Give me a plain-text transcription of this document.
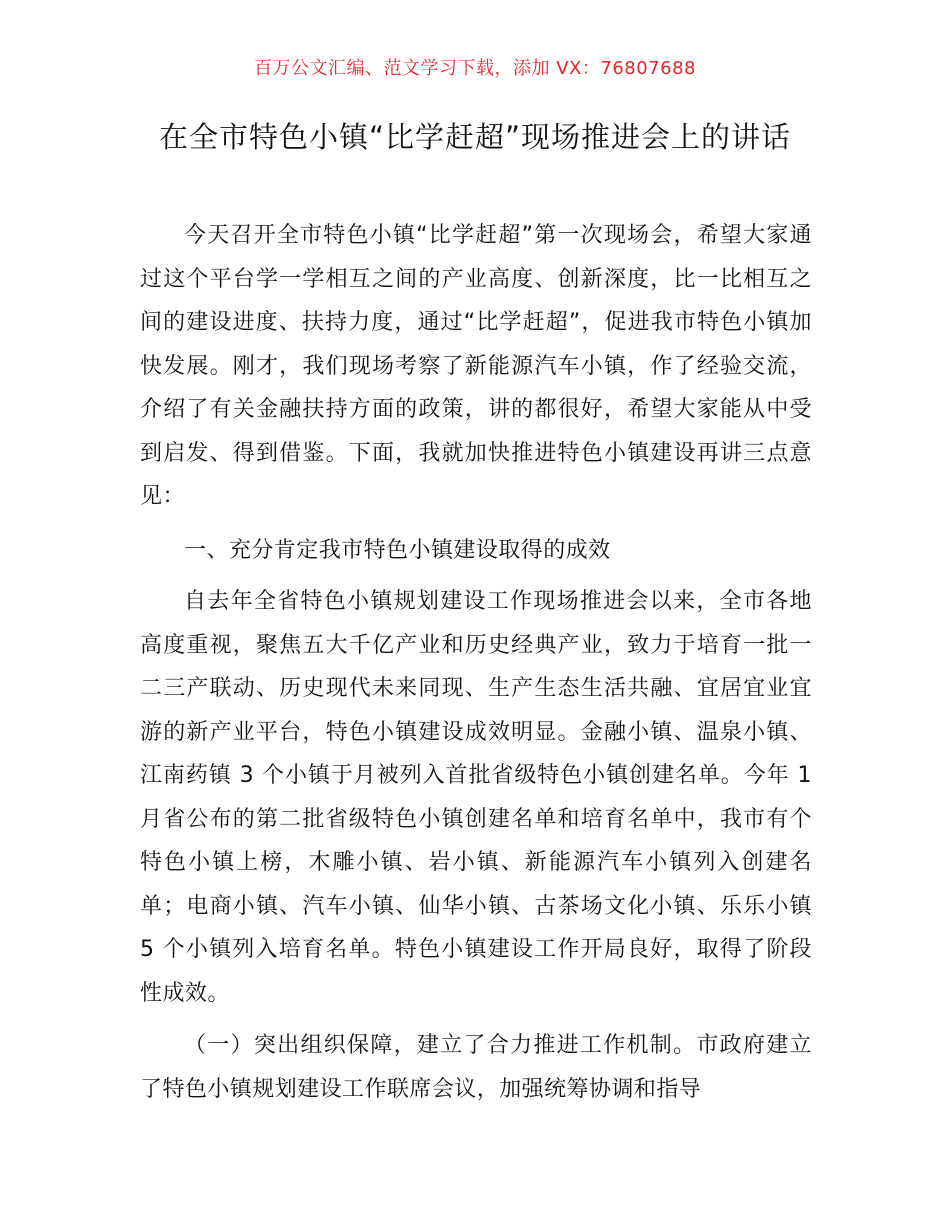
百万公文汇编、范文学习下载，添加 VX：76807688
在全市特色小镇“比学赶超”现场推进会上的讲话

今天召开全市特色小镇“比学赶超”第一次现场会，希望大家通过这个平台学一学相互之间的产业高度、创新深度，比一比相互之间的建设进度、扶持力度，通过“比学赶超”，促进我市特色小镇加快发展。刚才，我们现场考察了新能源汽车小镇，作了经验交流，介绍了有关金融扶持方面的政策，讲的都很好，希望大家能从中受到启发、得到借鉴。下面，我就加快推进特色小镇建设再讲三点意见：

一、充分肯定我市特色小镇建设取得的成效

自去年全省特色小镇规划建设工作现场推进会以来，全市各地高度重视，聚焦五大千亿产业和历史经典产业，致力于培育一批一二三产联动、历史现代未来同现、生产生态生活共融、宜居宜业宜游的新产业平台，特色小镇建设成效明显。金融小镇、温泉小镇、江南药镇 3 个小镇于月被列入首批省级特色小镇创建名单。今年 1 月省公布的第二批省级特色小镇创建名单和培育名单中，我市有个特色小镇上榜，木雕小镇、岩小镇、新能源汽车小镇列入创建名单；电商小镇、汽车小镇、仙华小镇、古茶场文化小镇、乐乐小镇 5 个小镇列入培育名单。特色小镇建设工作开局良好，取得了阶段性成效。

（一）突出组织保障，建立了合力推进工作机制。市政府建立了特色小镇规划建设工作联席会议，加强统筹协调和指导
